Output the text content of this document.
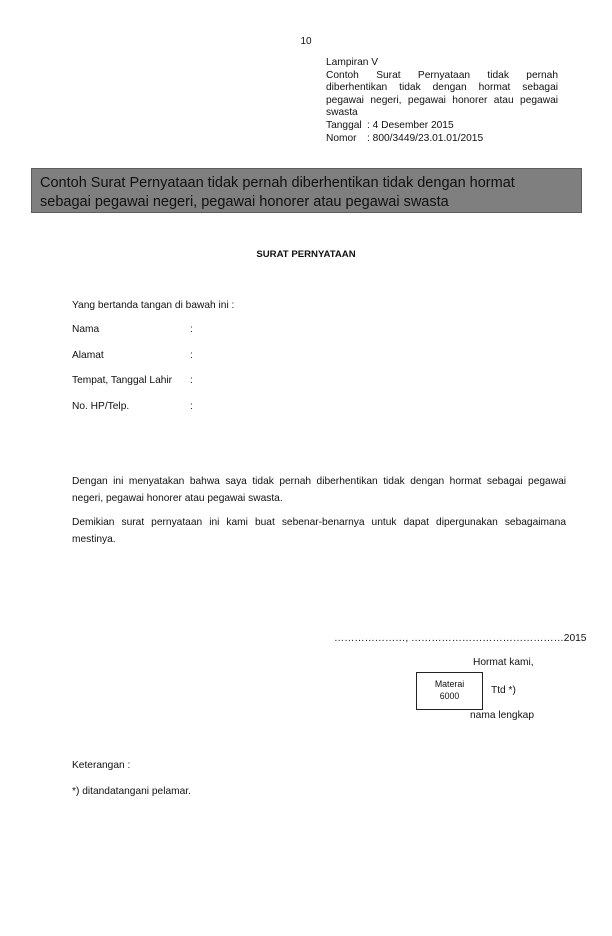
10
Lampiran V
Contoh Surat Pernyataan tidak pernah
diberhentikan tidak dengan hormat sebagai
pegawai negeri, pegawai honorer atau pegawai
swasta
Tanggal : 4 Desember 2015
Nomor	: 800/3449/23.01.01/2015
Contoh Surat Pernyataan tidak pernah diberhentikan tidak dengan hormat
sebagai pegawai negeri, pegawai honorer atau pegawai swasta
SURAT PERNYATAAN
Yang bertanda tangan di bawah ini :
Nama	:
Alamat	:
Tempat, Tanggal Lahir :
No. HP/Telp.	:
Dengan ini menyatakan bahwa saya tidak pernah diberhentikan tidak dengan hormat sebagai pegawai negeri, pegawai honorer atau pegawai swasta.
Demikian surat pernyataan ini kami buat sebenar-benarnya untuk dapat dipergunakan sebagaimana mestinya.
…………………, ………………………………………2015
Hormat kami,
Materai
6000	Ttd *)
nama lengkap
Keterangan :
*) ditandatangani pelamar.
